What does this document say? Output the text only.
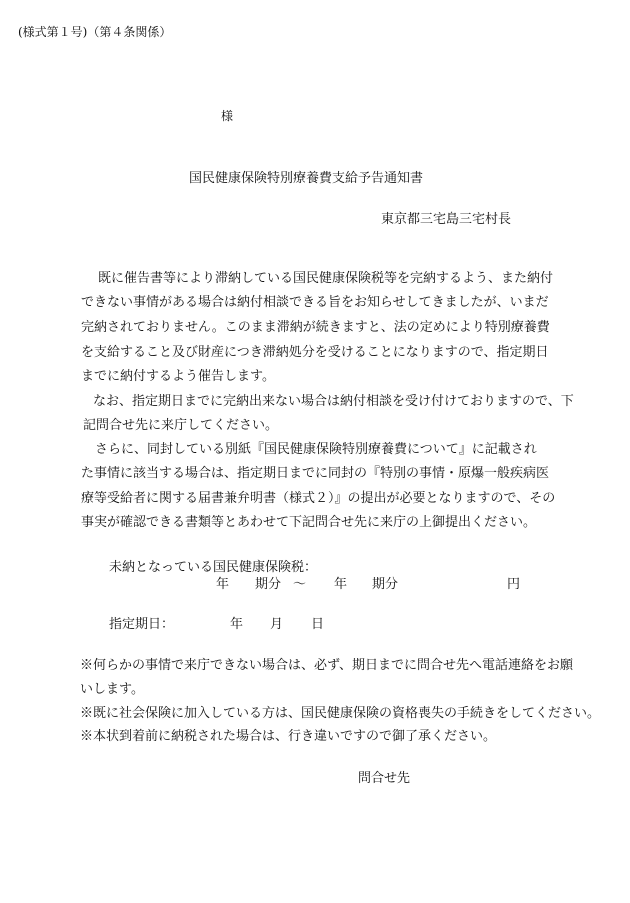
(様式第１号)（第４条関係）
様
国民健康保険特別療養費支給予告通知書
東京都三宅島三宅村長
既に催告書等により滞納している国民健康保険税等を完納するよう、また納付
できない事情がある場合は納付相談できる旨をお知らせしてきましたが、いまだ
完納されておりません。このまま滞納が続きますと、法の定めにより特別療養費
を支給すること及び財産につき滞納処分を受けることになりますので、指定期日
までに納付するよう催告します。
なお、指定期日までに完納出来ない場合は納付相談を受け付けておりますので、下
記問合せ先に来庁してください。
さらに、同封している別紙『国民健康保険特別療養費について』に記載され
た事情に該当する場合は、指定期日までに同封の『特別の事情・原爆一般疾病医
療等受給者に関する届書兼弁明書（様式２）』の提出が必要となりますので、その
事実が確認できる書類等とあわせて下記問合せ先に来庁の上御提出ください。
未納となっている国民健康保険税：
年 期分 ～ 年 期分	円
指定期日：	年 月 日
※何らかの事情で来庁できない場合は、必ず、期日までに問合せ先へ電話連絡をお願
いします。
※既に社会保険に加入している方は、国民健康保険の資格喪失の手続きをしてください。
※本状到着前に納税された場合は、行き違いですので御了承ください。
問合せ先
